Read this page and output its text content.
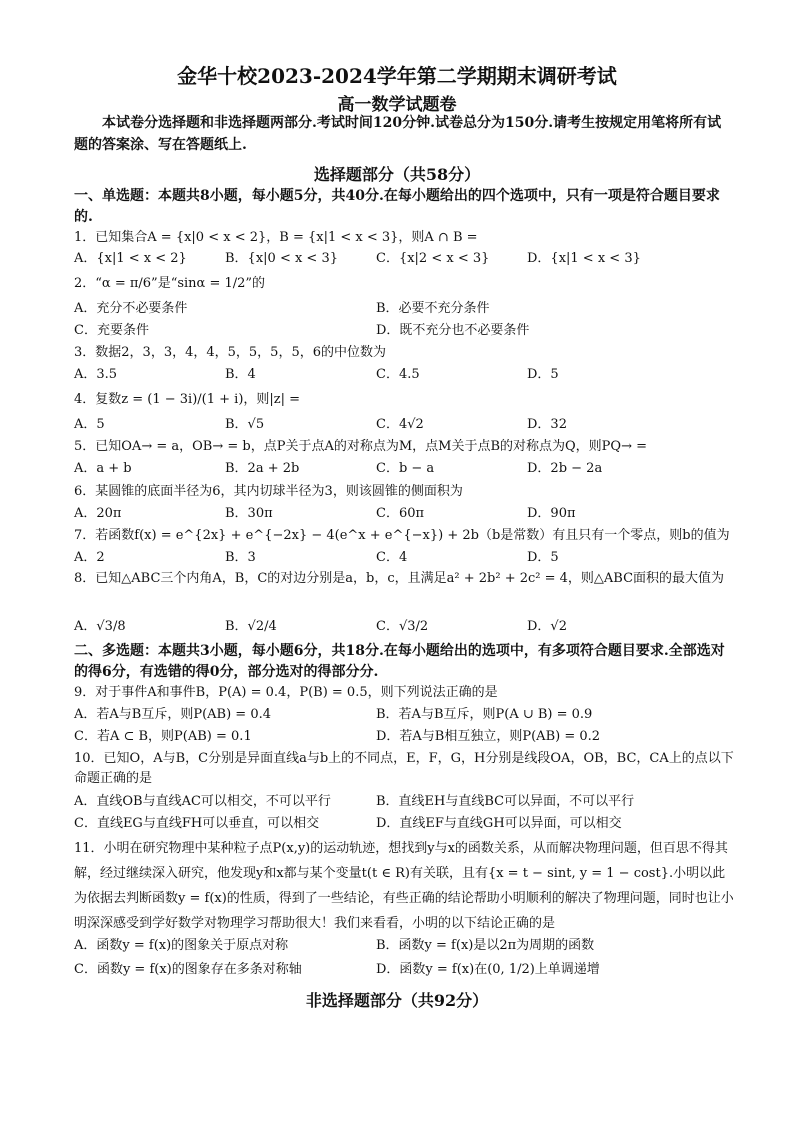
金华十校2023-2024学年第二学期期末调研考试
高一数学试题卷
本试卷分选择题和非选择题两部分.考试时间120分钟.试卷总分为150分.请考生按规定用笔将所有试题的答案涂、写在答题纸上.
选择题部分（共58分）
一、单选题：本题共8小题，每小题5分，共40分.在每小题给出的四个选项中，只有一项是符合题目要求的.
1．已知集合A = {x|0 < x < 2}，B = {x|1 < x < 3}，则A ∩ B =
A．{x|1 < x < 2}	B．{x|0 < x < 3}	C．{x|2 < x < 3}	D．{x|1 < x < 3}
2．“α = π/6”是“sinα = 1/2”的
A．充分不必要条件	B．必要不充分条件
C．充要条件	D．既不充分也不必要条件
3．数据2，3，3，4，4，5，5，5，5，6的中位数为
A．3.5	B．4	C．4.5	D．5
4．复数z = (1 − 3i)/(1 + i)，则|z| =
A．5	B．√5	C．4√2	D．32
5．已知OA→ = a，OB→ = b，点P关于点A的对称点为M，点M关于点B的对称点为Q，则PQ→ =
A．a + b	B．2a + 2b	C．b − a	D．2b − 2a
6．某圆锥的底面半径为6，其内切球半径为3，则该圆锥的侧面积为
A．20π	B．30π	C．60π	D．90π
7．若函数f(x) = e^{2x} + e^{−2x} − 4(e^x + e^{−x}) + 2b（b是常数）有且只有一个零点，则b的值为
A．2	B．3	C．4	D．5
8．已知△ABC三个内角A，B，C的对边分别是a，b，c，且满足a² + 2b² + 2c² = 4，则△ABC面积的最大值为
A．√3/8	B．√2/4	C．√3/2	D．√2
二、多选题：本题共3小题，每小题6分，共18分.在每小题给出的选项中，有多项符合题目要求.全部选对的得6分，有选错的得0分，部分选对的得部分分.
9．对于事件A和事件B，P(A) = 0.4，P(B) = 0.5，则下列说法正确的是
A．若A与B互斥，则P(AB) = 0.4	B．若A与B互斥，则P(A ∪ B) = 0.9
C．若A ⊂ B，则P(AB) = 0.1	D．若A与B相互独立，则P(AB) = 0.2
10．已知O，A与B，C分别是异面直线a与b上的不同点，E，F，G，H分别是线段OA，OB，BC，CA上的点以下命题正确的是
A．直线OB与直线AC可以相交，不可以平行	B．直线EH与直线BC可以异面，不可以平行
C．直线EG与直线FH可以垂直，可以相交	D．直线EF与直线GH可以异面，可以相交
11．小明在研究物理中某种粒子点P(x,y)的运动轨迹，想找到y与x的函数关系，从而解决物理问题，但百思不得其解，经过继续深入研究，他发现y和x都与某个变量t(t ∈ R)有关联，且有{x = t − sint, y = 1 − cost}.小明以此为依据去判断函数y = f(x)的性质，得到了一些结论，有些正确的结论帮助小明顺利的解决了物理问题，同时也让小明深深感受到学好数学对物理学习帮助很大！我们来看看，小明的以下结论正确的是
A．函数y = f(x)的图象关于原点对称	B．函数y = f(x)是以2π为周期的函数
C．函数y = f(x)的图象存在多条对称轴	D．函数y = f(x)在(0, 1/2)上单调递增
非选择题部分（共92分）
